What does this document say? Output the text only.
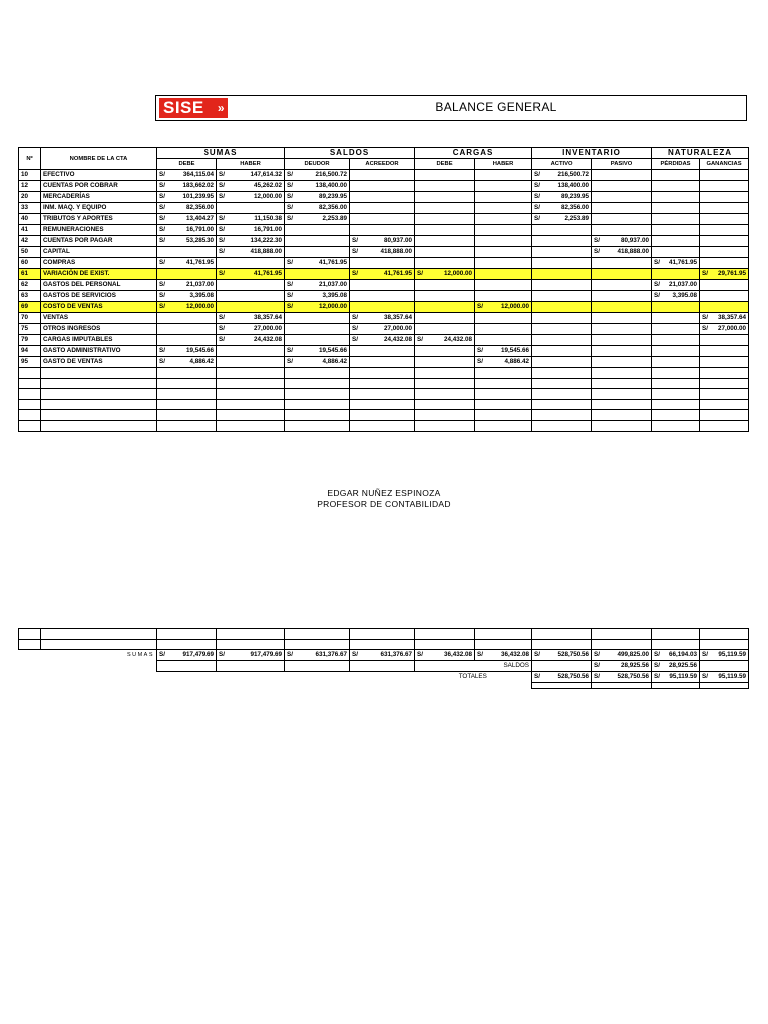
SISE »	BALANCE GENERAL
Nº	NOMBRE DE LA CTA	SUMAS		SALDOS		CARGAS		INVENTARIO		NATURALEZA	
		DEBE	HABER	DEUDOR	ACREEDOR	DEBE	HABER	ACTIVO	PASIVO	PÉRDIDAS	GANANCIAS
10	EFECTIVO	S/ 364,115.04	S/ 147,614.32	S/ 216,500.72				S/ 216,500.72			
12	CUENTAS POR COBRAR	S/ 183,662.02	S/ 45,262.02	S/ 138,400.00				S/ 138,400.00			
20	MERCADERÍAS	S/ 101,239.95	S/ 12,000.00	S/ 89,239.95				S/ 89,239.95			
33	INM. MAQ. Y EQUIPO	S/ 82,356.00		S/ 82,356.00				S/ 82,356.00			
40	TRIBUTOS Y APORTES	S/ 13,404.27	S/ 11,150.38	S/ 2,253.89				S/ 2,253.89			
41	REMUNERACIONES	S/ 16,791.00	S/ 16,791.00								
42	CUENTAS POR PAGAR	S/ 53,285.30	S/ 134,222.30		S/ 80,937.00				S/ 80,937.00		
50	CAPITAL		S/ 418,888.00		S/ 418,888.00				S/ 418,888.00		
60	COMPRAS	S/ 41,761.95		S/ 41,761.95						S/ 41,761.95	
61	VARIACIÓN DE EXIST.		S/ 41,761.95		S/ 41,761.95	S/ 12,000.00					S/ 29,761.95
62	GASTOS DEL PERSONAL	S/ 21,037.00		S/ 21,037.00						S/ 21,037.00	
63	GASTOS DE SERVICIOS	S/ 3,395.08		S/ 3,395.08						S/ 3,395.08	
69	COSTO DE VENTAS	S/ 12,000.00		S/ 12,000.00			S/ 12,000.00				
70	VENTAS		S/ 38,357.64		S/ 38,357.64						S/ 38,357.64
75	OTROS INGRESOS		S/ 27,000.00		S/ 27,000.00						S/ 27,000.00
79	CARGAS IMPUTABLES		S/ 24,432.08		S/ 24,432.08	S/ 24,432.08					
94	GASTO ADMINISTRATIVO	S/ 19,545.66		S/ 19,545.66			S/ 19,545.66				
95	GASTO DE VENTAS	S/ 4,886.42		S/ 4,886.42			S/ 4,886.42				

EDGAR NUÑEZ ESPINOZA
PROFESOR DE CONTABILIDAD

SUMAS		S/ 917,479.69	S/ 917,479.69	S/ 631,376.67	S/ 631,376.67	S/ 36,432.08	S/ 36,432.08	S/ 528,750.56	S/ 499,825.00	S/ 66,194.03	S/ 95,119.59
						SALDOS			S/ 28,925.56	S/ 28,925.56	
						TOTALES		S/ 528,750.56	S/ 528,750.56	S/ 95,119.59	S/ 95,119.59
